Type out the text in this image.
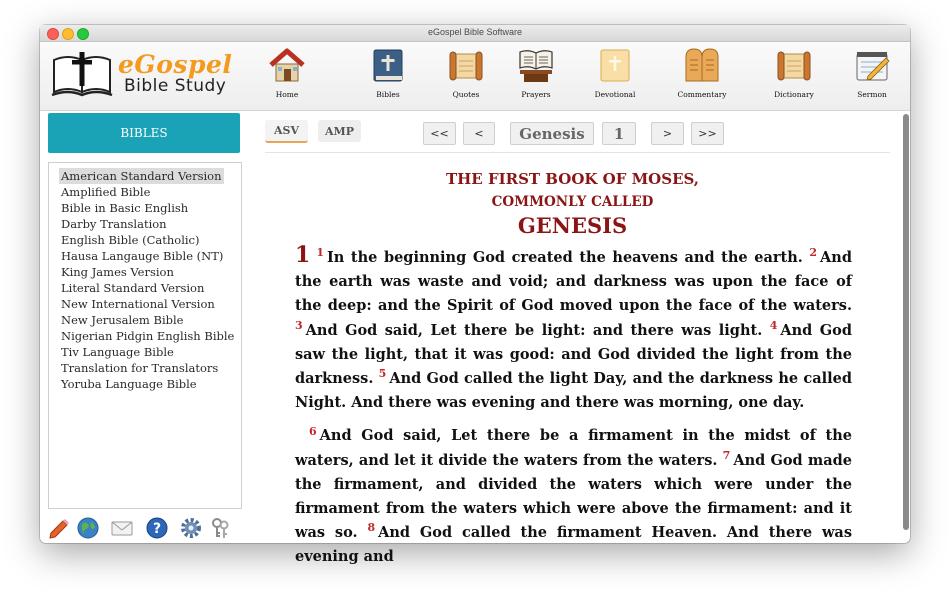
eGospel Bible Software
eGospel
Bible Study	Home	Bibles	Quotes	Prayers	Devotional	Commentary	Dictionary	Sermon
BIBLES
American Standard Version
Amplified Bible
Bible in Basic English
Darby Translation
English Bible (Catholic)
Hausa Langauge Bible (NT)
King James Version
Literal Standard Version
New International Version
New Jerusalem Bible
Nigerian Pidgin English Bible
Tiv Language Bible
Translation for Translators
Yoruba Language Bible
?
ASV	AMP	<<	<	Genesis	1	>	>>
THE FIRST BOOK OF MOSES,
COMMONLY CALLED
GENESIS

1 $^1$ In the beginning God created the heavens and the earth. $^2$ And the earth was waste and void; and darkness was upon the face of the deep: and the Spirit of God moved upon the face of the waters. $^3$ And God said, Let there be light: and there was light. $^4$ And God saw the light, that it was good: and God divided the light from the darkness. $^5$ And God called the light Day, and the darkness he called Night. And there was evening and there was morning, one day.

$^6$ And God said, Let there be a firmament in the midst of the waters, and let it divide the waters from the waters. $^7$ And God made the firmament, and divided the waters which were under the firmament from the waters which were above the firmament: and it was so. $^8$ And God called the firmament Heaven. And there was evening and
